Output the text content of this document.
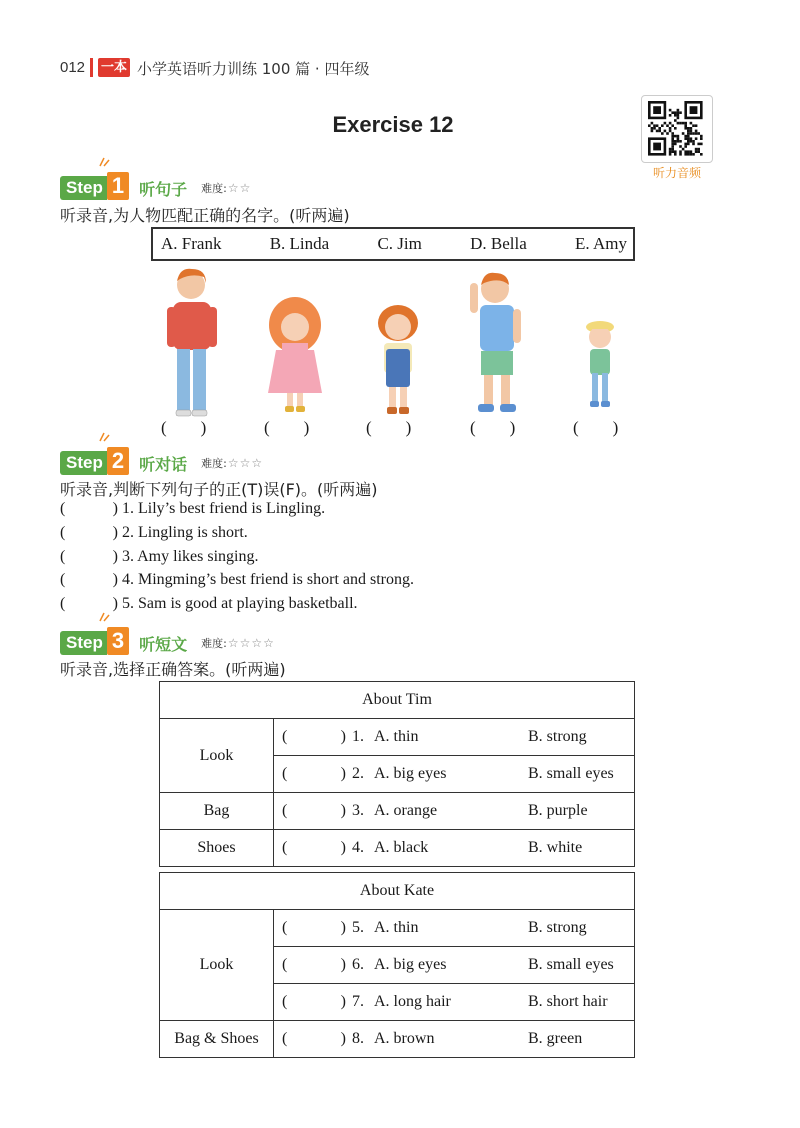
012 一本 小学英语听力训练 100 篇 · 四年级
Exercise 12
听力音频
Step 1 听句子 难度: ☆☆
听录音,为人物匹配正确的名字。(听两遍)
A. Frank	B. Linda	C. Jim	D. Bella	E. Amy
(　　)	(　　)	(　　)	(　　)	(　　)
Step 2 听对话 难度: ☆☆☆
听录音,判断下列句子的正(T)误(F)。(听两遍)
(	) 1. Lily’s best friend is Lingling.
(	) 2. Lingling is short.
(	) 3. Amy likes singing.
(	) 4. Mingming’s best friend is short and strong.
(	) 5. Sam is good at playing basketball.
Step 3 听短文 难度: ☆☆☆☆
听录音,选择正确答案。(听两遍)
About Tim	
Look	( ) 1. A. thin B. strong

	( ) 2. A. big eyes B. small eyes

Bag	( ) 3. A. orange B. purple

Shoes	( ) 4. A. black B. white
About Kate	
Look	( ) 5. A. thin B. strong

	( ) 6. A. big eyes B. small eyes

	( ) 7. A. long hair B. short hair

Bag & Shoes	( ) 8. A. brown B. green
